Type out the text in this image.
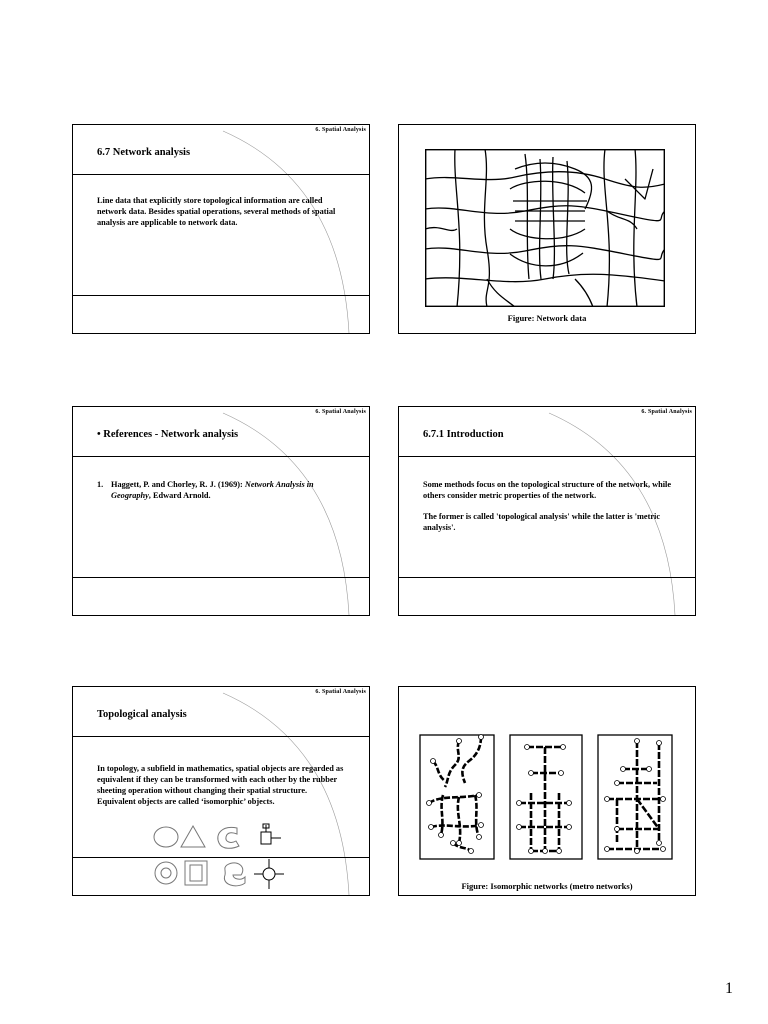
6. Spatial Analysis
6.7 Network analysis
Line data that explicitly store topological information are called network data. Besides spatial operations, several methods of spatial analysis are applicable to network data.
Figure: Network data
6. Spatial Analysis
• References - Network analysis
1. Haggett, P. and Chorley, R. J. (1969): Network Analysis in Geography, Edward Arnold.
6. Spatial Analysis
6.7.1 Introduction

Some methods focus on the topological structure of the network, while others consider metric properties of the network.

The former is called 'topological analysis' while the latter is 'metric analysis'.

6. Spatial Analysis
Topological analysis
In topology, a subfield in mathematics, spatial objects are regarded as equivalent if they can be transformed with each other by the rubber sheeting operation without changing their spatial structure. Equivalent objects are called ‘isomorphic’ objects.
Figure: Isomorphic networks (metro networks)
1
